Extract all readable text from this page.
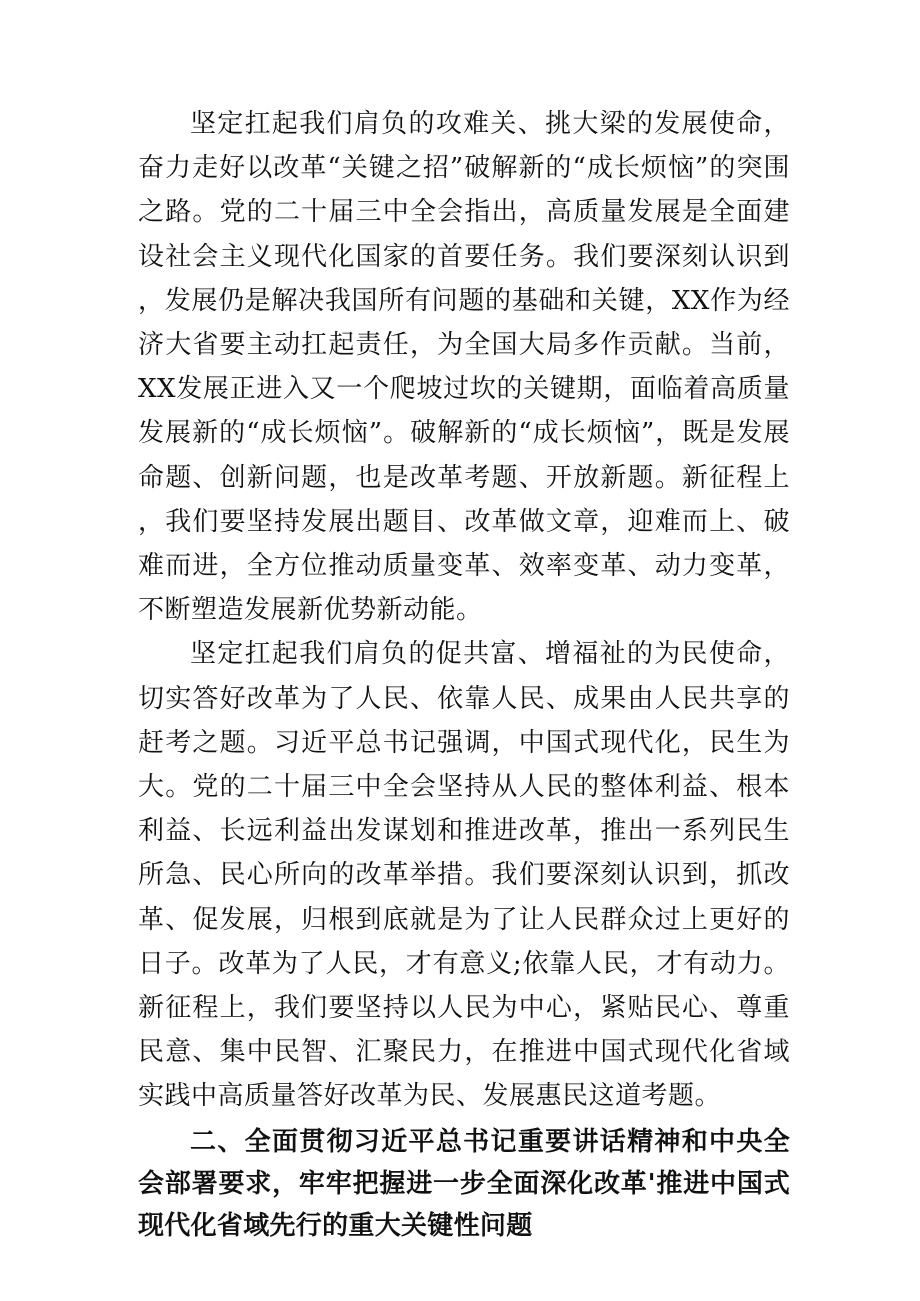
坚定扛起我们肩负的攻难关、挑大梁的发展使命，奋力走好以改革“关键之招”破解新的“成长烦恼”的突围之路。党的二十届三中全会指出，高质量发展是全面建设社会主义现代化国家的首要任务。我们要深刻认识到，发展仍是解决我国所有问题的基础和关键，XX作为经济大省要主动扛起责任，为全国大局多作贡献。当前，XX发展正进入又一个爬坡过坎的关键期，面临着高质量发展新的“成长烦恼”。破解新的“成长烦恼”，既是发展命题、创新问题，也是改革考题、开放新题。新征程上，我们要坚持发展出题目、改革做文章，迎难而上、破难而进，全方位推动质量变革、效率变革、动力变革，不断塑造发展新优势新动能。

坚定扛起我们肩负的促共富、增福祉的为民使命，切实答好改革为了人民、依靠人民、成果由人民共享的赶考之题。习近平总书记强调，中国式现代化，民生为大。党的二十届三中全会坚持从人民的整体利益、根本利益、长远利益出发谋划和推进改革，推出一系列民生所急、民心所向的改革举措。我们要深刻认识到，抓改革、促发展，归根到底就是为了让人民群众过上更好的日子。改革为了人民，才有意义;依靠人民，才有动力。新征程上，我们要坚持以人民为中心，紧贴民心、尊重民意、集中民智、汇聚民力，在推进中国式现代化省域实践中高质量答好改革为民、发展惠民这道考题。

二、全面贯彻习近平总书记重要讲话精神和中央全会部署要求，牢牢把握进一步全面深化改革'推进中国式现代化省域先行的重大关键性问题
